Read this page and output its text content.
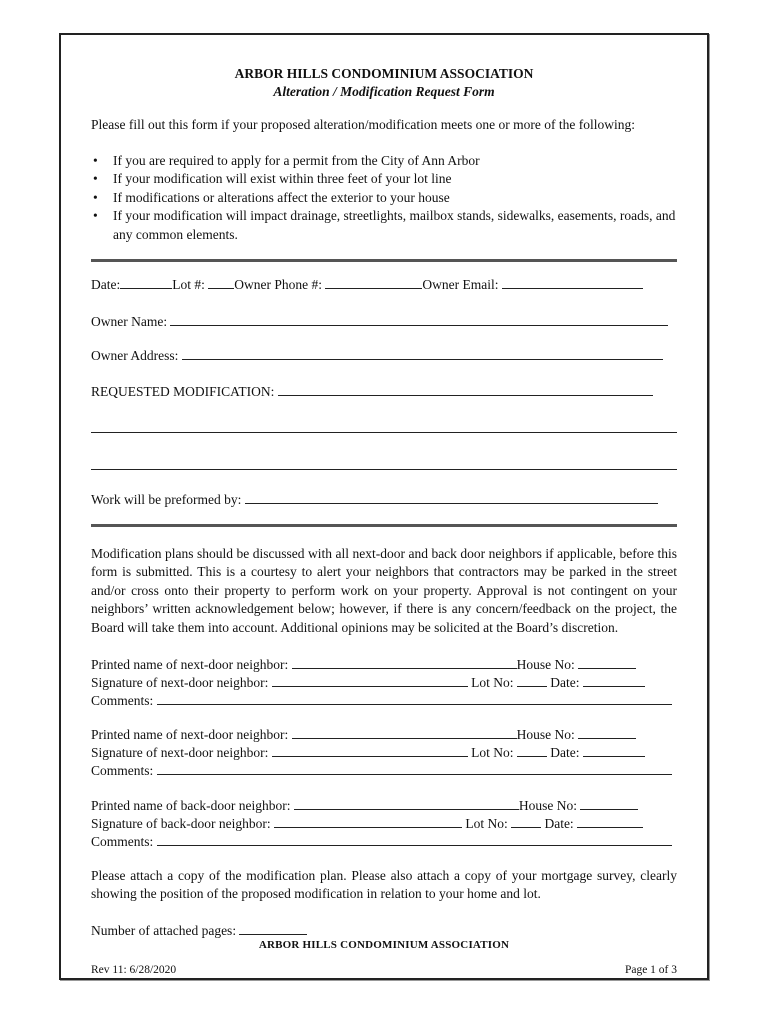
ARBOR HILLS CONDOMINIUM ASSOCIATION
Alteration / Modification Request Form

Please fill out this form if your proposed alteration/modification meets one or more of the following:

• If you are required to apply for a permit from the City of Ann Arbor
• If your modification will exist within three feet of your lot line
• If modifications or alterations affect the exterior to your house
• If your modification will impact drainage, streetlights, mailbox stands, sidewalks, easements, roads, and any common elements.
Date:	Lot #: Owner Phone #:	Owner Email:
Owner Name:
Owner Address:
REQUESTED MODIFICATION:
Work will be preformed by:

Modification plans should be discussed with all next-door and back door neighbors if applicable, before this form is submitted. This is a courtesy to alert your neighbors that contractors may be parked in the street and/or cross onto their property to perform work on your property. Approval is not contingent on your neighbors’ written acknowledgement below; however, if there is any concern/feedback on the project, the Board will take them into account. Additional opinions may be solicited at the Board’s discretion.

Printed name of next-door neighbor:	House No:
Signature of next-door neighbor:	Lot No:	Date:
Comments:
Printed name of next-door neighbor:	House No:
Signature of next-door neighbor:	Lot No:	Date:
Comments:
Printed name of back-door neighbor:	House No:
Signature of back-door neighbor:	Lot No:	Date:
Comments:

Please attach a copy of the modification plan. Please also attach a copy of your mortgage survey, clearly showing the position of the proposed modification in relation to your home and lot.

Number of attached pages:
ARBOR HILLS CONDOMINIUM ASSOCIATION
Rev 11: 6/28/2020	Page 1 of 3
